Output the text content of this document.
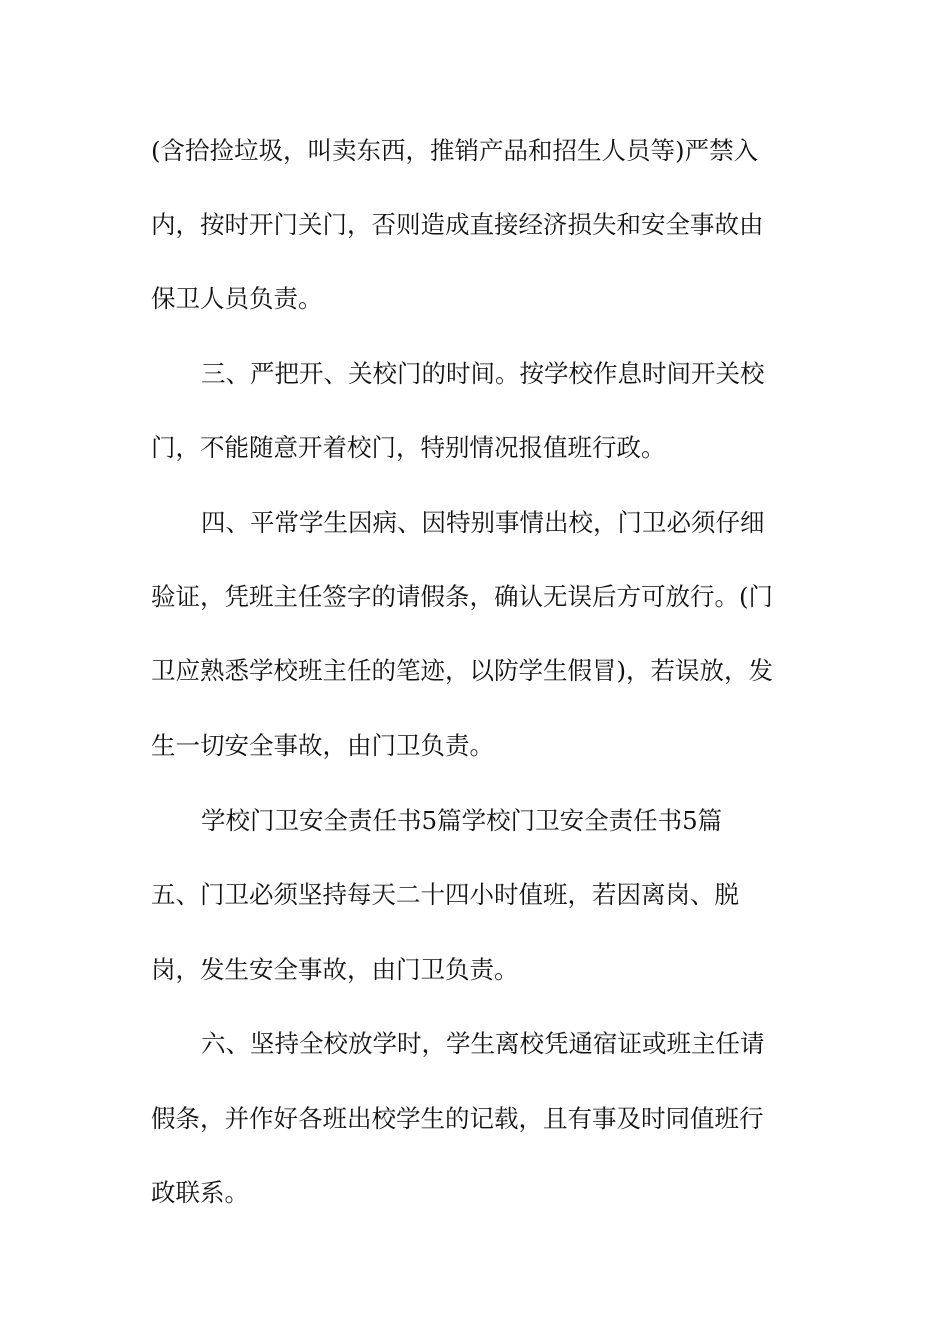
(含拾捡垃圾，叫卖东西，推销产品和招生人员等)严禁入
内，按时开门关门，否则造成直接经济损失和安全事故由
保卫人员负责。
三、严把开、关校门的时间。按学校作息时间开关校
门，不能随意开着校门，特别情况报值班行政。
四、平常学生因病、因特别事情出校，门卫必须仔细
验证，凭班主任签字的请假条，确认无误后方可放行。(门
卫应熟悉学校班主任的笔迹，以防学生假冒)，若误放，发
生一切安全事故，由门卫负责。
学校门卫安全责任书5篇学校门卫安全责任书5篇
五、门卫必须坚持每天二十四小时值班，若因离岗、脱
岗，发生安全事故，由门卫负责。
六、坚持全校放学时，学生离校凭通宿证或班主任请
假条，并作好各班出校学生的记载，且有事及时同值班行
政联系。
